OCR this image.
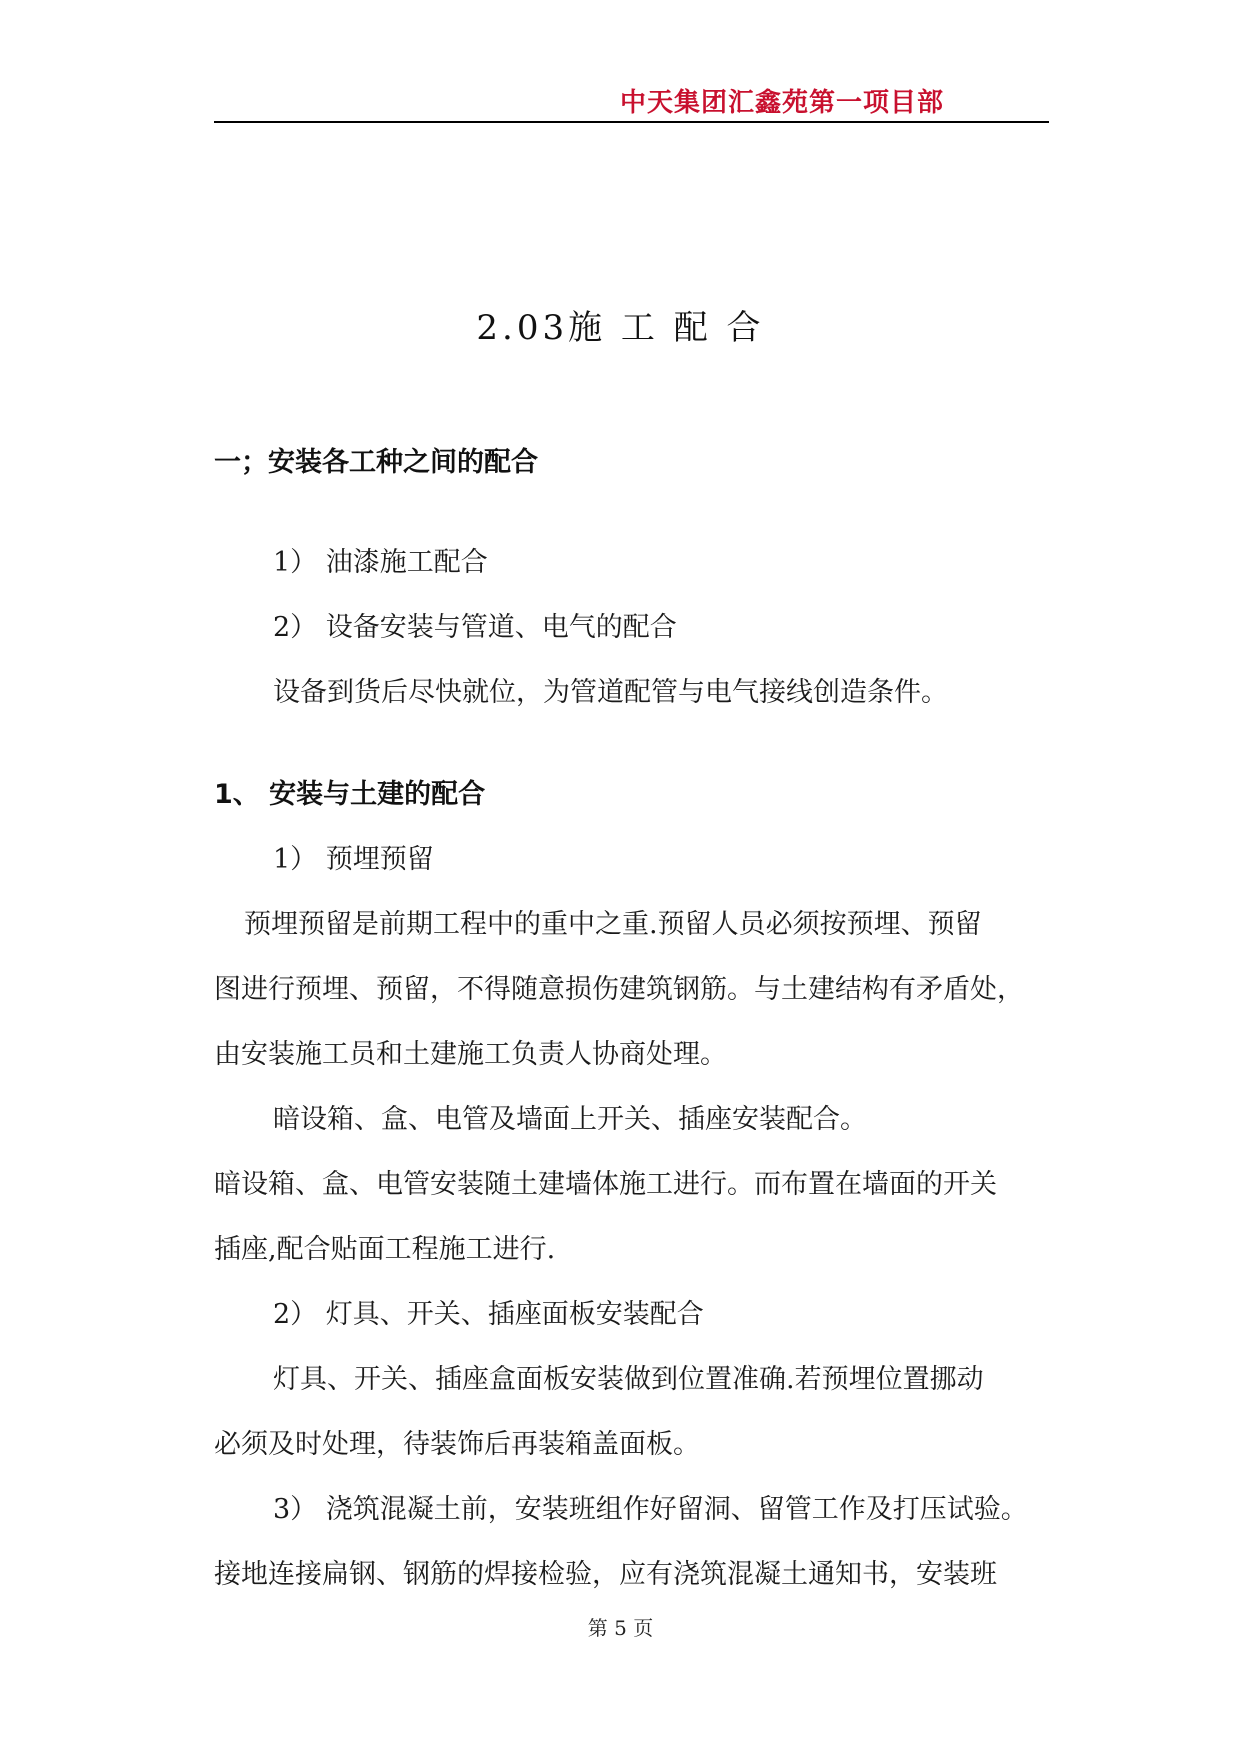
中天集团汇鑫苑第一项目部
2.03施 工 配 合
一；安装各工种之间的配合
1） 油漆施工配合
2） 设备安装与管道、电气的配合
设备到货后尽快就位，为管道配管与电气接线创造条件。
1、 安装与土建的配合
1） 预埋预留
预埋预留是前期工程中的重中之重.预留人员必须按预埋、预留
图进行预埋、预留，不得随意损伤建筑钢筋。与土建结构有矛盾处，
由安装施工员和土建施工负责人协商处理。
暗设箱、盒、电管及墙面上开关、插座安装配合。
暗设箱、盒、电管安装随土建墙体施工进行。而布置在墙面的开关
插座,配合贴面工程施工进行.
2） 灯具、开关、插座面板安装配合
灯具、开关、插座盒面板安装做到位置准确.若预埋位置挪动
必须及时处理，待装饰后再装箱盖面板。
3） 浇筑混凝土前，安装班组作好留洞、留管工作及打压试验。
接地连接扁钢、钢筋的焊接检验，应有浇筑混凝土通知书，安装班
第 5 页
